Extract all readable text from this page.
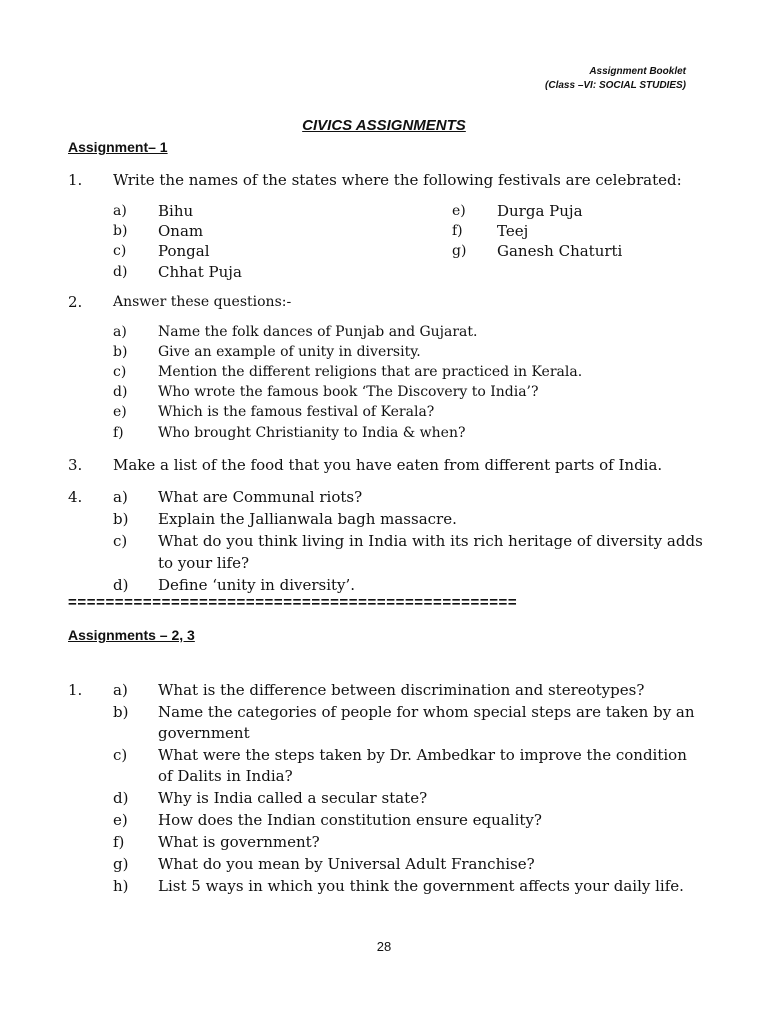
Assignment Booklet
(Class –VI: SOCIAL STUDIES)
CIVICS ASSIGNMENTS
Assignment– 1
1. Write the names of the states where the following festivals are celebrated:
a) Bihu
b) Onam
c) Pongal
d) Chhat Puja
e) Durga Puja
f) Teej
g) Ganesh Chaturti
2. Answer these questions:-
a) Name the folk dances of Punjab and Gujarat.
b) Give an example of unity in diversity.
c) Mention the different religions that are practiced in Kerala.
d) Who wrote the famous book ‘The Discovery to India’?
e) Which is the famous festival of Kerala?
f) Who brought Christianity to India & when?
3. Make a list of the food that you have eaten from different parts of India.
4. a) What are Communal riots?
b) Explain the Jallianwala bagh massacre.
c) What do you think living in India with its rich heritage of diversity adds
to your life?
d) Define ‘unity in diversity’.
================================================
Assignments – 2, 3
1. a) What is the difference between discrimination and stereotypes?
b) Name the categories of people for whom special steps are taken by an
government
c) What were the steps taken by Dr. Ambedkar to improve the condition
of Dalits in India?
d) Why is India called a secular state?
e) How does the Indian constitution ensure equality?
f) What is government?
g) What do you mean by Universal Adult Franchise?
h) List 5 ways in which you think the government affects your daily life.
28
